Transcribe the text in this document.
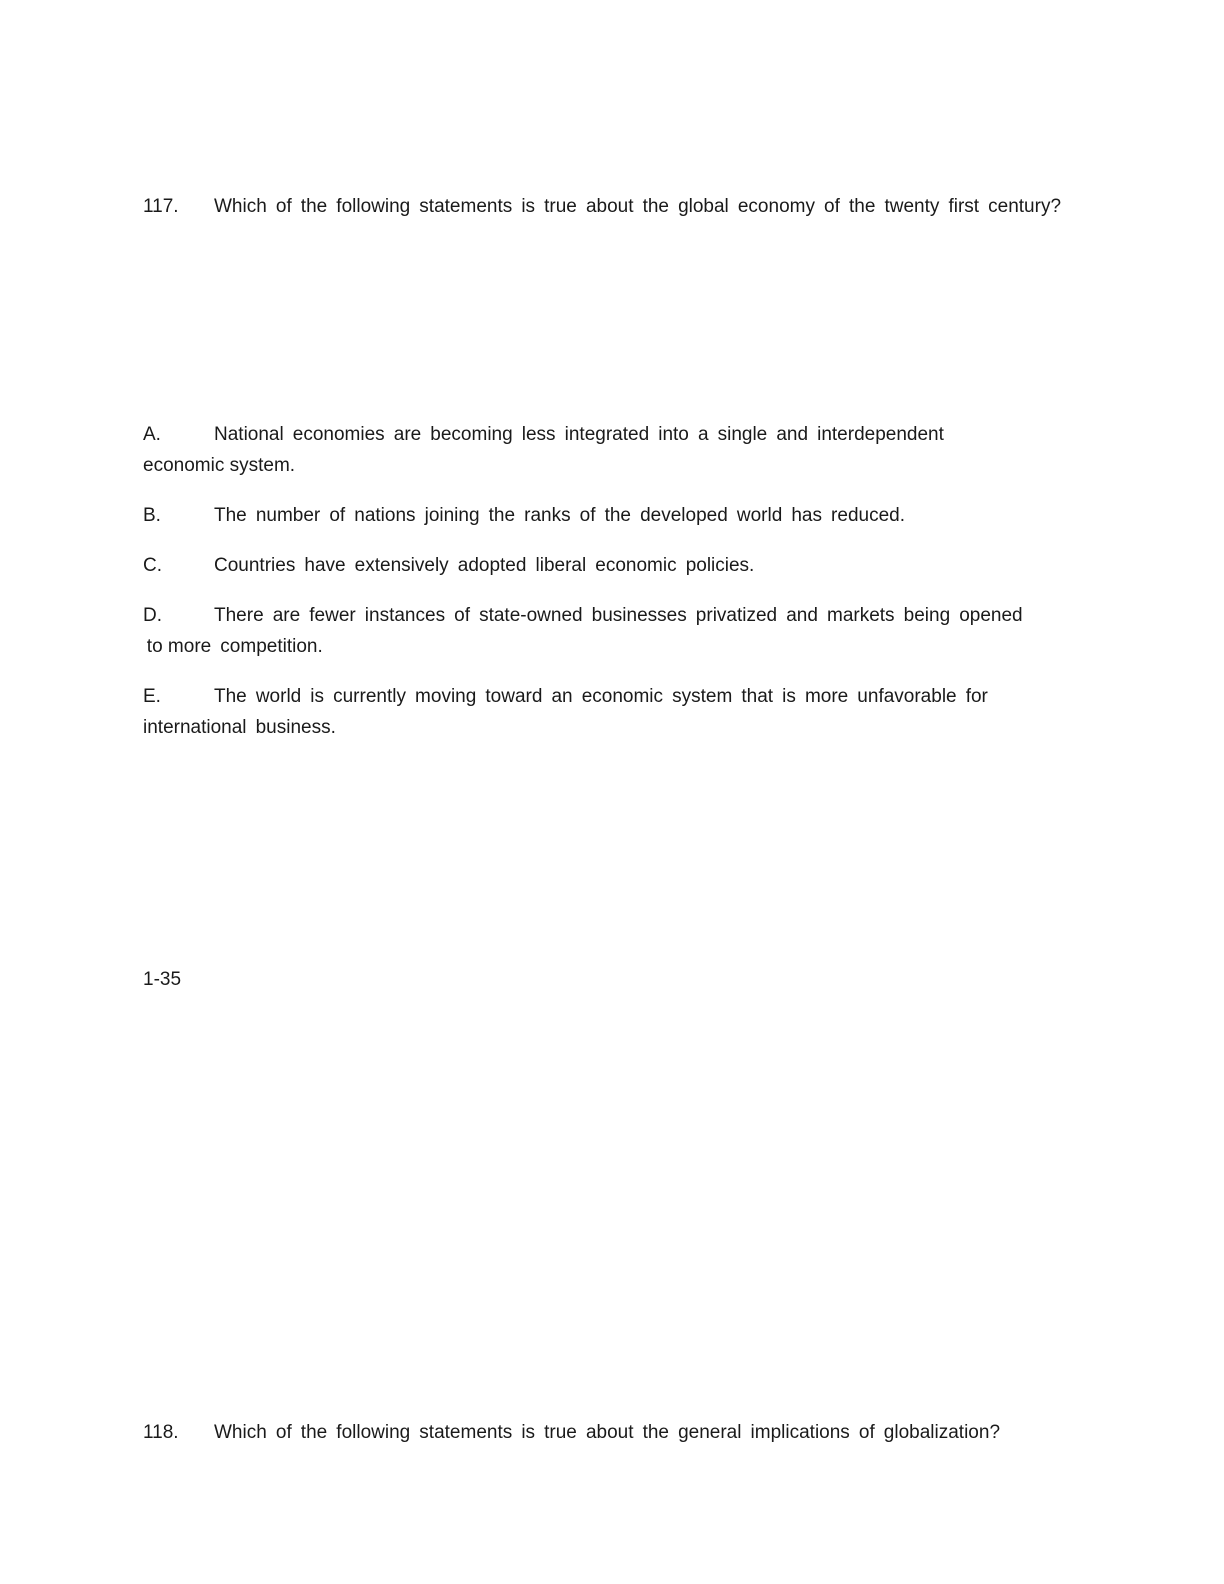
117. Which  of  the  following  statements  is  true  about  the  global  economy  of  the  twenty  first  century?
A.	National  economies  are  becoming  less  integrated  into  a  single  and  interdependent  economic system.
B.	The  number  of  nations  joining  the  ranks  of  the  developed  world  has  reduced.
C.	Countries  have  extensively  adopted  liberal  economic  policies.
D.	There  are  fewer  instances  of  state-owned  businesses  privatized  and  markets  being  opened  to more  competition.
E.	The  world  is  currently  moving  toward  an  economic  system  that  is  more  unfavorable  for international  business.
1-35
118. Which  of  the  following  statements  is  true  about  the  general  implications  of  globalization?
